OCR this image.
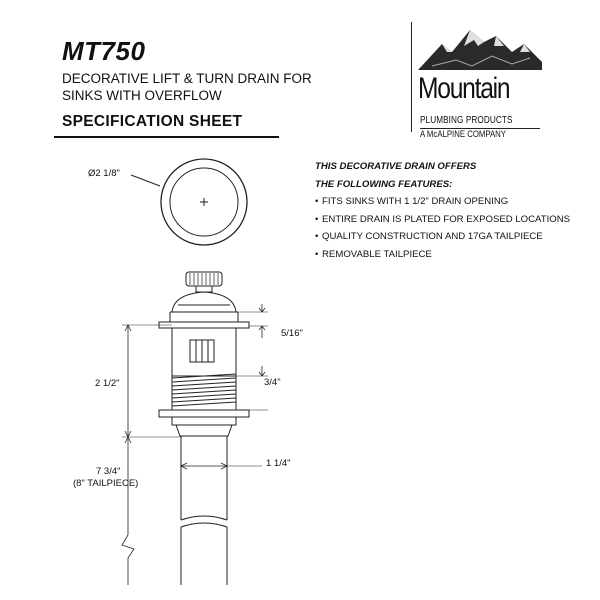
MT750
DECORATIVE LIFT & TURN DRAIN FOR
SINKS WITH OVERFLOW
SPECIFICATION SHEET
Mountain
PLUMBING PRODUCTS
A McALPINE COMPANY
THIS DECORATIVE DRAIN OFFERS
THE FOLLOWING FEATURES:
• FITS SINKS WITH 1 1/2" DRAIN OPENING
• ENTIRE DRAIN IS PLATED FOR EXPOSED LOCATIONS
• QUALITY CONSTRUCTION AND 17GA TAILPIECE
• REMOVABLE TAILPIECE
Ø2 1/8"
5/16"
3/4"
2 1/2"
7 3/4"
(8" TAILPIECE)
1 1/4"
